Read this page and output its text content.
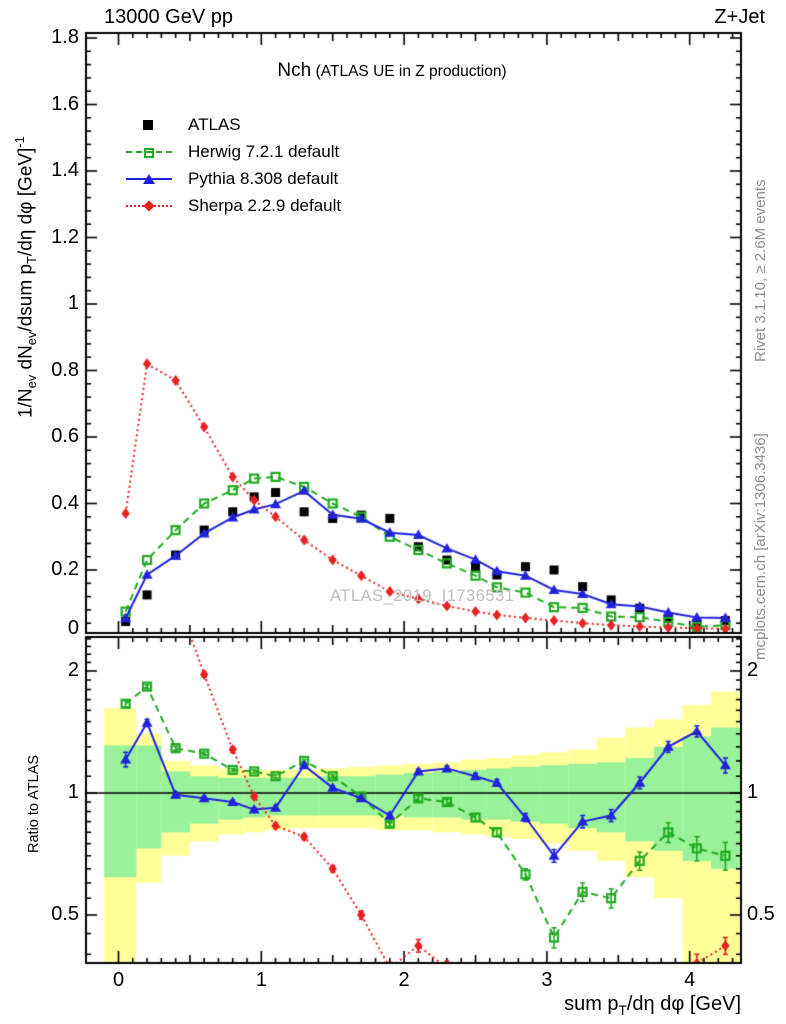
13000 GeV pp	Z+Jet
Nch (ATLAS UE in Z production)
ATLAS
Herwig 7.2.1 default
Pythia 8.308 default
Sherpa 2.2.9 default
$1/N_{ev}$ $dN_{ev}$/dsum $p_T/d\eta$ dφ [GeV]$^{-1}$
Ratio to ATLAS
sum $p_T/d\eta$ dφ [GeV]
Rivet 3.1.10, ≥ 2.6M events
mcplots.cern.ch [arXiv:1306.3436]
ATLAS_2019_I1736531
0	1	2	3	4
0
0.2
0.4
0.6
0.8
1
1.2
1.4
1.6
1.8
0.5	0.5
1	1
2	2
